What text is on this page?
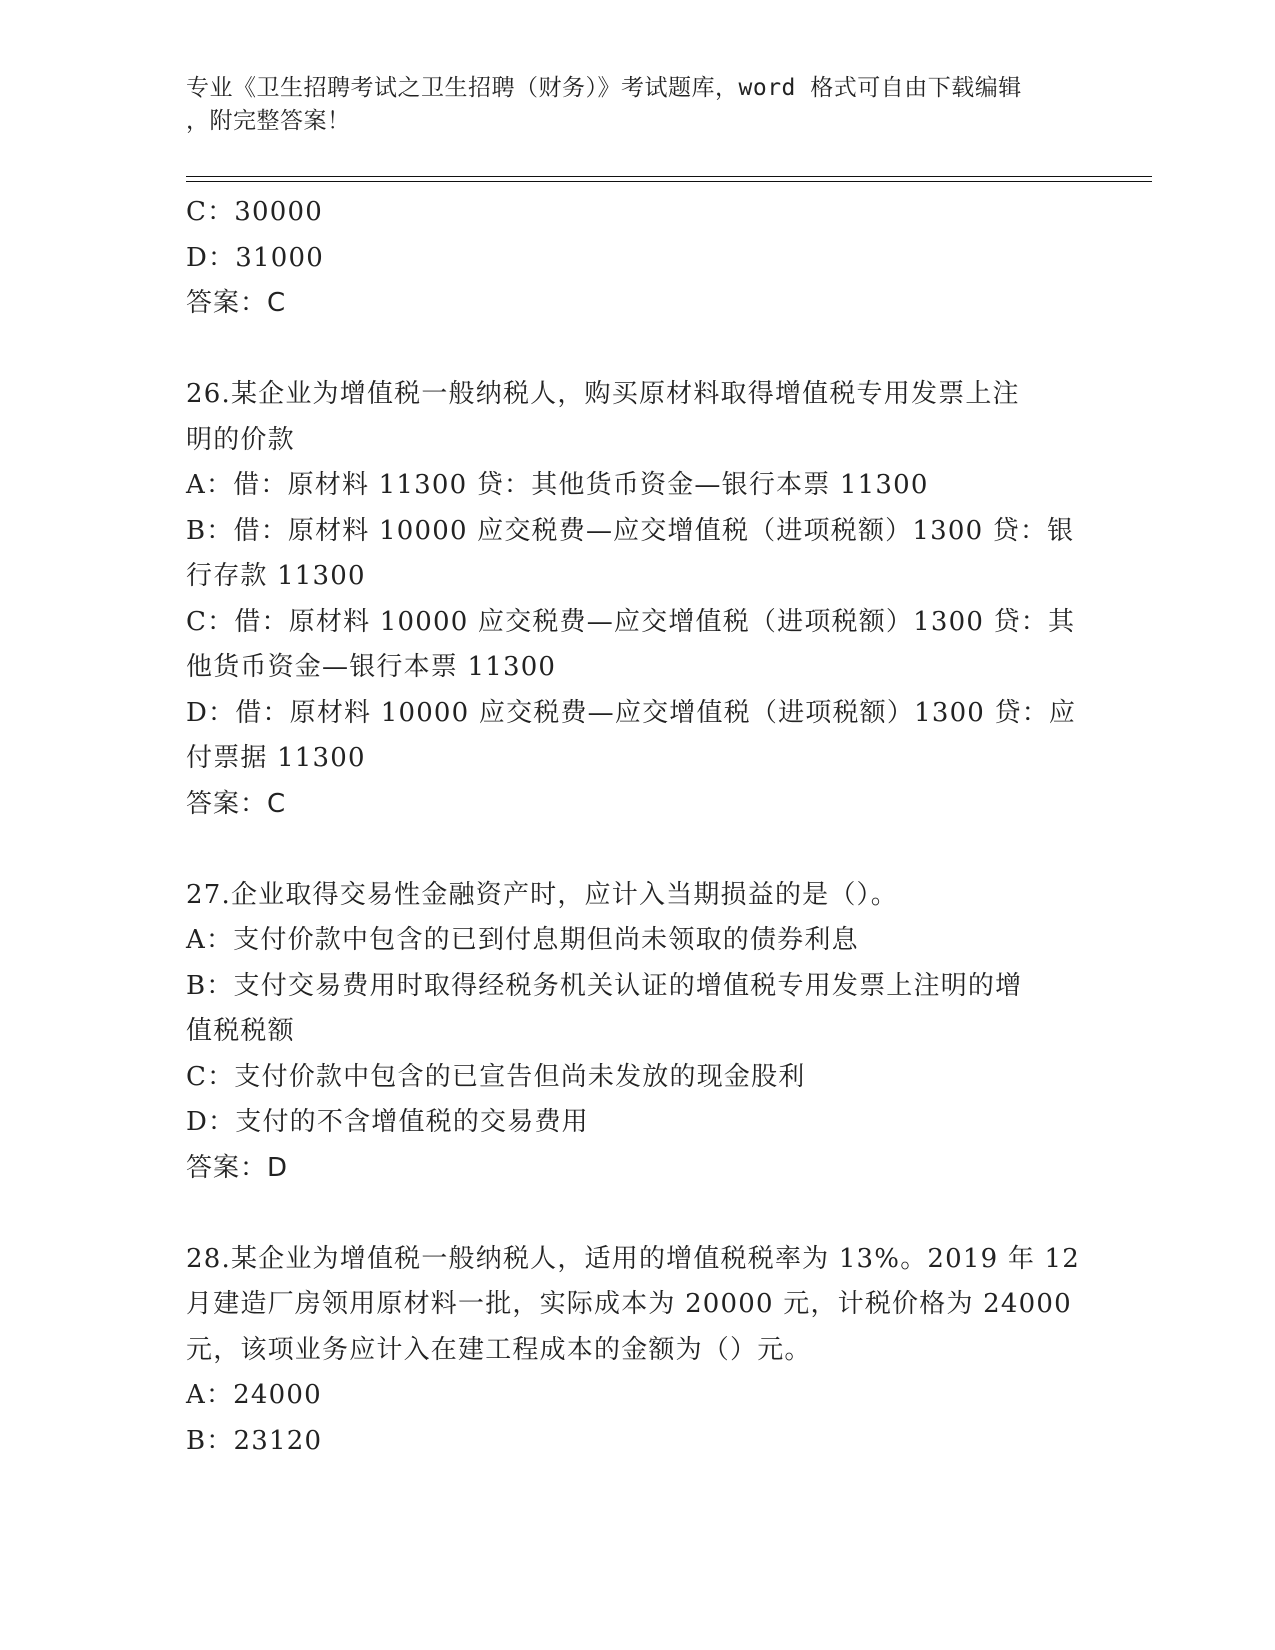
专业《卫生招聘考试之卫生招聘（财务）》考试题库，word 格式可自由下载编辑
，附完整答案！
C：30000
D：31000
答案：C
26.某企业为增值税一般纳税人，购买原材料取得增值税专用发票上注
明的价款
A：借：原材料 11300 贷：其他货币资金—银行本票 11300
B：借：原材料 10000 应交税费—应交增值税（进项税额）1300 贷：银
行存款 11300
C：借：原材料 10000 应交税费—应交增值税（进项税额）1300 贷：其
他货币资金—银行本票 11300
D：借：原材料 10000 应交税费—应交增值税（进项税额）1300 贷：应
付票据 11300
答案：C
27.企业取得交易性金融资产时，应计入当期损益的是（）。
A：支付价款中包含的已到付息期但尚未领取的债券利息
B：支付交易费用时取得经税务机关认证的增值税专用发票上注明的增
值税税额
C：支付价款中包含的已宣告但尚未发放的现金股利
D：支付的不含增值税的交易费用
答案：D
28.某企业为增值税一般纳税人，适用的增值税税率为 13%。2019 年 12
月建造厂房领用原材料一批，实际成本为 20000 元，计税价格为 24000
元，该项业务应计入在建工程成本的金额为（）元。
A：24000
B：23120
